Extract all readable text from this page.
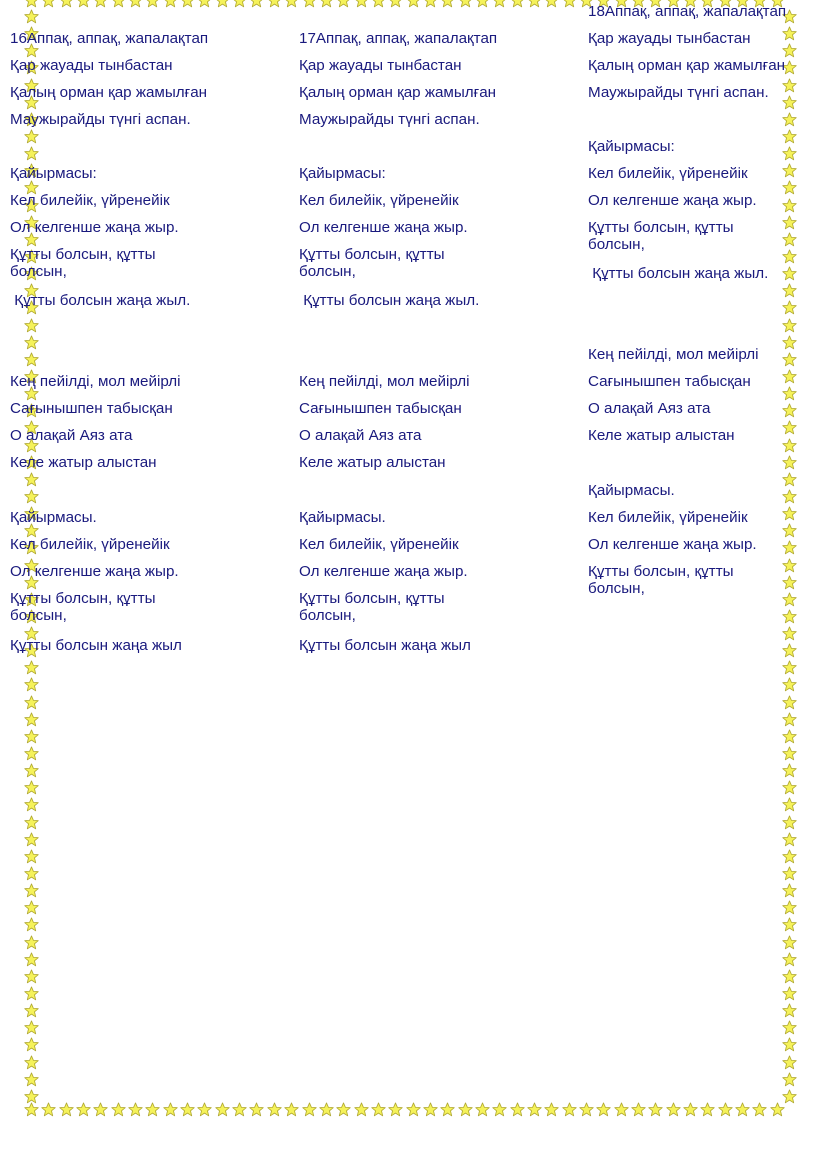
16Аппақ, аппақ, жапалақтап
Қар жауады тынбастан
Қалың орман қар жамылған
Маужырайды түнгі аспан.
Қайырмасы:
Кел билейік, үйренейік
Ол келгенше жаңа жыр.
Құтты болсын, құтты болсын,
Құтты болсын жаңа жыл.
Кең пейілді, мол мейірлі
Сағынышпен табысқан
О алақай Аяз ата
Келе жатыр алыстан
Қайырмасы.
Кел билейік, үйренейік
Ол келгенше жаңа жыр.
Құтты болсын, құтты болсын,
Құтты болсын жаңа жыл
17Аппақ, аппақ, жапалақтап
Қар жауады тынбастан
Қалың орман қар жамылған
Маужырайды түнгі аспан.
Қайырмасы:
Кел билейік, үйренейік
Ол келгенше жаңа жыр.
Құтты болсын, құтты болсын,
Құтты болсын жаңа жыл.
Кең пейілді, мол мейірлі
Сағынышпен табысқан
О алақай Аяз ата
Келе жатыр алыстан
Қайырмасы.
Кел билейік, үйренейік
Ол келгенше жаңа жыр.
Құтты болсын, құтты болсын,
Құтты болсын жаңа жыл
18Аппақ, аппақ, жапалақтап
Қар жауады тынбастан
Қалың орман қар жамылған
Маужырайды түнгі аспан.
Қайырмасы:
Кел билейік, үйренейік
Ол келгенше жаңа жыр.
Құтты болсын, құтты болсын,
Құтты болсын жаңа жыл.
Кең пейілді, мол мейірлі
Сағынышпен табысқан
О алақай Аяз ата
Келе жатыр алыстан
Қайырмасы.
Кел билейік, үйренейік
Ол келгенше жаңа жыр.
Құтты болсын, құтты болсын,
